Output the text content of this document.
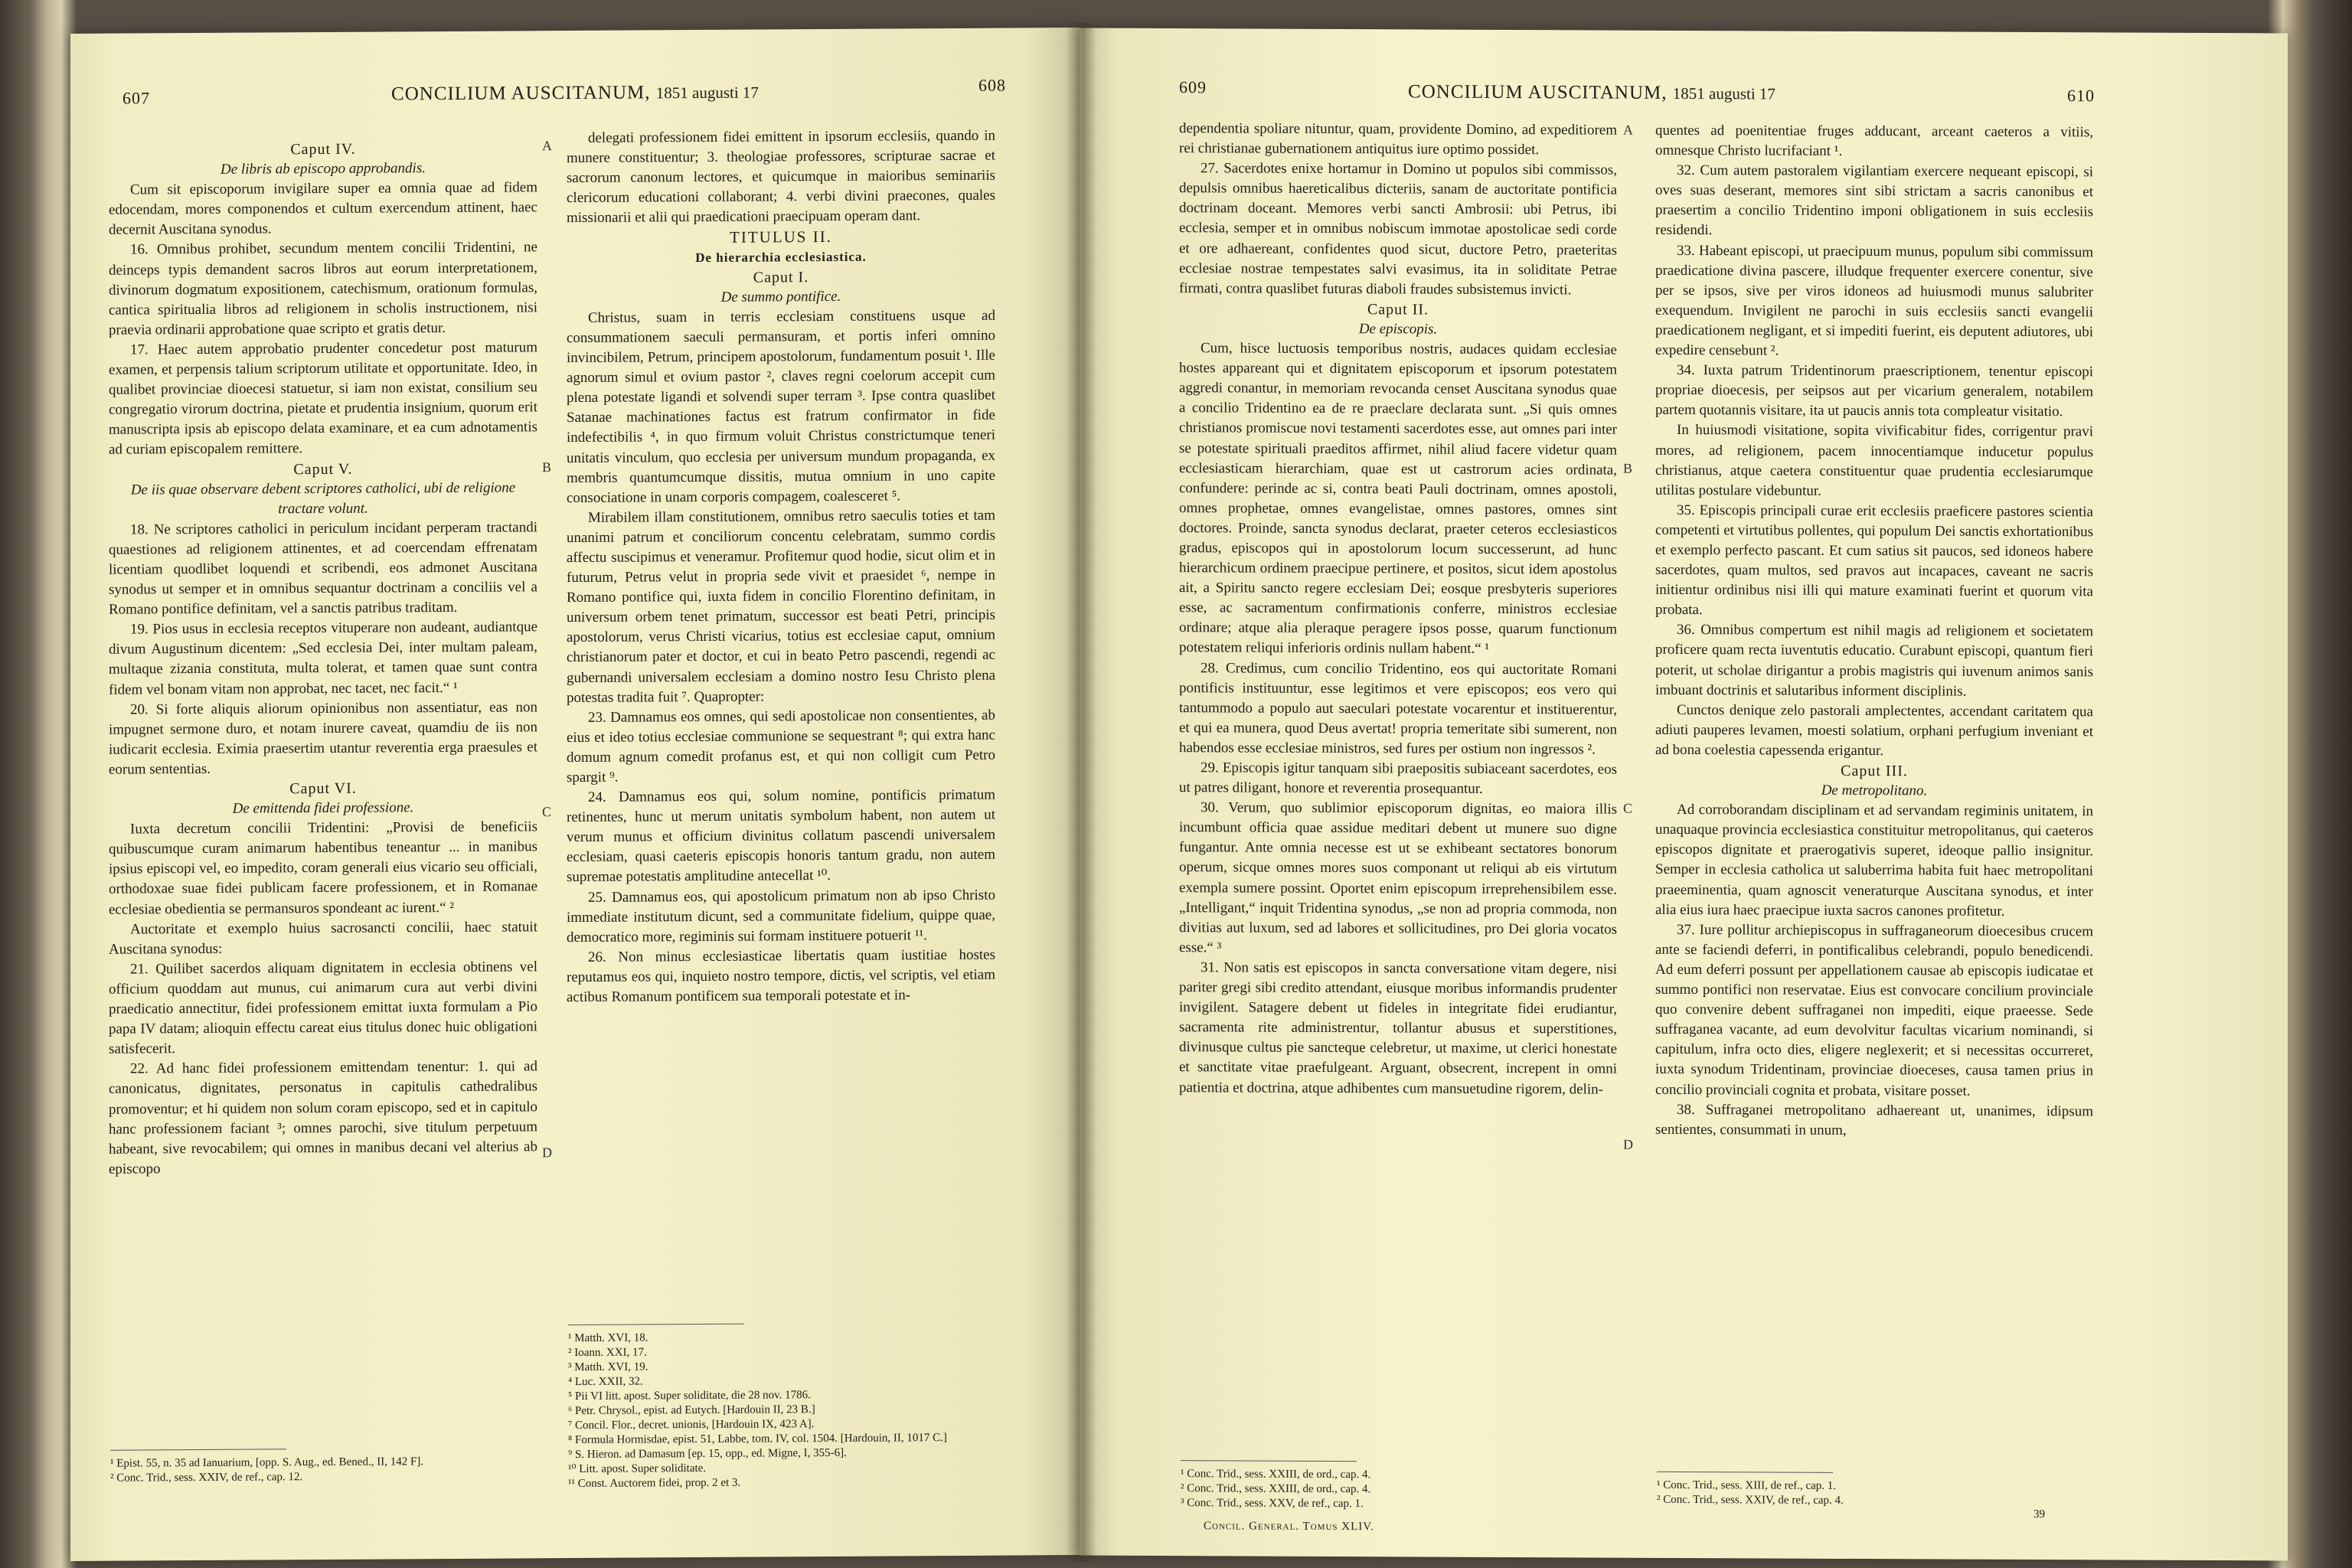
607	CONCILIUM AUSCITANUM, 1851 augusti 17	608

Caput IV.

De libris ab episcopo approbandis.

Cum sit episcoporum invigilare super ea omnia quae ad fidem edocendam, mores componendos et cultum exercendum attinent, haec decernit Auscitana synodus.

16. Omnibus prohibet, secundum mentem concilii Tridentini, ne deinceps typis demandent sacros libros aut eorum interpretationem, divinorum dogmatum expositionem, catechismum, orationum formulas, cantica spiritualia libros ad religionem in scholis instructionem, nisi praevia ordinarii approbatione quae scripto et gratis detur.

17. Haec autem approbatio prudenter concedetur post maturum examen, et perpensis talium scriptorum utilitate et opportunitate. Ideo, in qualibet provinciae dioecesi statuetur, si iam non existat, consilium seu congregatio virorum doctrina, pietate et prudentia insignium, quorum erit manuscripta ipsis ab episcopo delata examinare, et ea cum adnotamentis ad curiam episcopalem remittere.

Caput V.

De iis quae observare debent scriptores catholici, ubi de religione tractare volunt.

18. Ne scriptores catholici in periculum incidant perperam tractandi quaestiones ad religionem attinentes, et ad coercendam effrenatam licentiam quodlibet loquendi et scribendi, eos admonet Auscitana synodus ut semper et in omnibus sequantur doctrinam a conciliis vel a Romano pontifice definitam, vel a sanctis patribus traditam.

19. Pios usus in ecclesia receptos vituperare non audeant, audiantque divum Augustinum dicentem: „Sed ecclesia Dei, inter multam paleam, multaque zizania constituta, multa tolerat, et tamen quae sunt contra fidem vel bonam vitam non approbat, nec tacet, nec facit.“ ¹

20. Si forte aliquis aliorum opinionibus non assentiatur, eas non impugnet sermone duro, et notam inurere caveat, quamdiu de iis non iudicarit ecclesia. Eximia praesertim utantur reverentia erga praesules et eorum sententias.

Caput VI.

De emittenda fidei professione.

Iuxta decretum concilii Tridentini: „Provisi de beneficiis quibuscumque curam animarum habentibus teneantur ... in manibus ipsius episcopi vel, eo impedito, coram generali eius vicario seu officiali, orthodoxae suae fidei publicam facere professionem, et in Romanae ecclesiae obedientia se permansuros spondeant ac iurent.“ ²

Auctoritate et exemplo huius sacrosancti concilii, haec statuit Auscitana synodus:

21. Quilibet sacerdos aliquam dignitatem in ecclesia obtinens vel officium quoddam aut munus, cui animarum cura aut verbi divini praedicatio annectitur, fidei professionem emittat iuxta formulam a Pio papa IV datam; alioquin effectu careat eius titulus donec huic obligationi satisfecerit.

22. Ad hanc fidei professionem emittendam tenentur: 1. qui ad canonicatus, dignitates, personatus in capitulis cathedralibus promoventur; et hi quidem non solum coram episcopo, sed et in capitulo hanc professionem faciant ³; omnes parochi, sive titulum perpetuum habeant, sive revocabilem; qui omnes in manibus decani vel alterius ab episcopo

delegati professionem fidei emittent in ipsorum ecclesiis, quando in munere constituentur; 3. theologiae professores, scripturae sacrae et sacrorum canonum lectores, et quicumque in maioribus seminariis clericorum educationi collaborant; 4. verbi divini praecones, quales missionarii et alii qui praedicationi praecipuam operam dant.

TITULUS II.

De hierarchia ecclesiastica.

Caput I.

De summo pontifice.

Christus, suam in terris ecclesiam constituens usque ad consummationem saeculi permansuram, et portis inferi omnino invincibilem, Petrum, principem apostolorum, fundamentum posuit ¹. Ille agnorum simul et ovium pastor ², claves regni coelorum accepit cum plena potestate ligandi et solvendi super terram ³. Ipse contra quaslibet Satanae machinationes factus est fratrum confirmator in fide indefectibilis ⁴, in quo firmum voluit Christus constrictumque teneri unitatis vinculum, quo ecclesia per universum mundum propaganda, ex membris quantumcumque dissitis, mutua omnium in uno capite consociatione in unam corporis compagem, coalesceret ⁵.

Mirabilem illam constitutionem, omnibus retro saeculis toties et tam unanimi patrum et conciliorum concentu celebratam, summo cordis affectu suscipimus et veneramur. Profitemur quod hodie, sicut olim et in futurum, Petrus velut in propria sede vivit et praesidet ⁶, nempe in Romano pontifice qui, iuxta fidem in concilio Florentino definitam, in universum orbem tenet primatum, successor est beati Petri, principis apostolorum, verus Christi vicarius, totius est ecclesiae caput, omnium christianorum pater et doctor, et cui in beato Petro pascendi, regendi ac gubernandi universalem ecclesiam a domino nostro Iesu Christo plena potestas tradita fuit ⁷. Quapropter:

23. Damnamus eos omnes, qui sedi apostolicae non consentientes, ab eius et ideo totius ecclesiae communione se sequestrant ⁸; qui extra hanc domum agnum comedit profanus est, et qui non colligit cum Petro spargit ⁹.

24. Damnamus eos qui, solum nomine, pontificis primatum retinentes, hunc ut merum unitatis symbolum habent, non autem ut verum munus et officium divinitus collatum pascendi universalem ecclesiam, quasi caeteris episcopis honoris tantum gradu, non autem supremae potestatis amplitudine antecellat ¹⁰.

25. Damnamus eos, qui apostolicum primatum non ab ipso Christo immediate institutum dicunt, sed a communitate fidelium, quippe quae, democratico more, regiminis sui formam instituere potuerit ¹¹.

26. Non minus ecclesiasticae libertatis quam iustitiae hostes reputamus eos qui, inquieto nostro tempore, dictis, vel scriptis, vel etiam actibus Romanum pontificem sua temporali potestate et in-

A
B
C
D
¹ Epist. 55, n. 35 ad Ianuarium, [opp. S. Aug., ed. Bened., II, 142 F].
² Conc. Trid., sess. XXIV, de ref., cap. 12.
¹ Matth. XVI, 18.
² Ioann. XXI, 17.
³ Matth. XVI, 19.
⁴ Luc. XXII, 32.
⁵ Pii VI litt. apost. Super soliditate, die 28 nov. 1786.
⁶ Petr. Chrysol., epist. ad Eutych. [Hardouin II, 23 B.]
⁷ Concil. Flor., decret. unionis, [Hardouin IX, 423 A].
⁸ Formula Hormisdae, epist. 51, Labbe, tom. IV, col. 1504. [Hardouin, II, 1017 C.]
⁹ S. Hieron. ad Damasum [ep. 15, opp., ed. Migne, I, 355-6].
¹⁰ Litt. apost. Super soliditate.
¹¹ Const. Auctorem fidei, prop. 2 et 3.
609	CONCILIUM AUSCITANUM, 1851 augusti 17	610

dependentia spoliare nituntur, quam, providente Domino, ad expeditiorem rei christianae gubernationem antiquitus iure optimo possidet.

27. Sacerdotes enixe hortamur in Domino ut populos sibi commissos, depulsis omnibus haereticalibus dicteriis, sanam de auctoritate pontificia doctrinam doceant. Memores verbi sancti Ambrosii: ubi Petrus, ibi ecclesia, semper et in omnibus nobiscum immotae apostolicae sedi corde et ore adhaereant, confidentes quod sicut, ductore Petro, praeteritas ecclesiae nostrae tempestates salvi evasimus, ita in soliditate Petrae firmati, contra quaslibet futuras diaboli fraudes subsistemus invicti.

Caput II.

De episcopis.

Cum, hisce luctuosis temporibus nostris, audaces quidam ecclesiae hostes appareant qui et dignitatem episcoporum et ipsorum potestatem aggredi conantur, in memoriam revocanda censet Auscitana synodus quae a concilio Tridentino ea de re praeclare declarata sunt. „Si quis omnes christianos promiscue novi testamenti sacerdotes esse, aut omnes pari inter se potestate spirituali praeditos affirmet, nihil aliud facere videtur quam ecclesiasticam hierarchiam, quae est ut castrorum acies ordinata, confundere: perinde ac si, contra beati Pauli doctrinam, omnes apostoli, omnes prophetae, omnes evangelistae, omnes pastores, omnes sint doctores. Proinde, sancta synodus declarat, praeter ceteros ecclesiasticos gradus, episcopos qui in apostolorum locum successerunt, ad hunc hierarchicum ordinem praecipue pertinere, et positos, sicut idem apostolus ait, a Spiritu sancto regere ecclesiam Dei; eosque presbyteris superiores esse, ac sacramentum confirmationis conferre, ministros ecclesiae ordinare; atque alia pleraque peragere ipsos posse, quarum functionum potestatem reliqui inferioris ordinis nullam habent.“ ¹

28. Credimus, cum concilio Tridentino, eos qui auctoritate Romani pontificis instituuntur, esse legitimos et vere episcopos; eos vero qui tantummodo a populo aut saeculari potestate vocarentur et instituerentur, et qui ea munera, quod Deus avertat! propria temeritate sibi sumerent, non habendos esse ecclesiae ministros, sed fures per ostium non ingressos ².

29. Episcopis igitur tanquam sibi praepositis subiaceant sacerdotes, eos ut patres diligant, honore et reverentia prosequantur.

30. Verum, quo sublimior episcoporum dignitas, eo maiora illis incumbunt officia quae assidue meditari debent ut munere suo digne fungantur. Ante omnia necesse est ut se exhibeant sectatores bonorum operum, sicque omnes mores suos componant ut reliqui ab eis virtutum exempla sumere possint. Oportet enim episcopum irreprehensibilem esse. „Intelligant,“ inquit Tridentina synodus, „se non ad propria commoda, non divitias aut luxum, sed ad labores et sollicitudines, pro Dei gloria vocatos esse.“ ³

31. Non satis est episcopos in sancta conversatione vitam degere, nisi pariter gregi sibi credito attendant, eiusque moribus informandis prudenter invigilent. Satagere debent ut fideles in integritate fidei erudiantur, sacramenta rite administrentur, tollantur abusus et superstitiones, divinusque cultus pie sancteque celebretur, ut maxime, ut clerici honestate et sanctitate vitae praefulgeant. Arguant, obsecrent, increpent in omni patientia et doctrina, atque adhibentes cum mansuetudine rigorem, delin-

quentes ad poenitentiae fruges adducant, arceant caeteros a vitiis, omnesque Christo lucrifaciant ¹.

32. Cum autem pastoralem vigilantiam exercere nequeant episcopi, si oves suas deserant, memores sint sibi strictam a sacris canonibus et praesertim a concilio Tridentino imponi obligationem in suis ecclesiis residendi.

33. Habeant episcopi, ut praecipuum munus, populum sibi commissum praedicatione divina pascere, illudque frequenter exercere conentur, sive per se ipsos, sive per viros idoneos ad huiusmodi munus salubriter exequendum. Invigilent ne parochi in suis ecclesiis sancti evangelii praedicationem negligant, et si impediti fuerint, eis deputent adiutores, ubi expedire censebunt ².

34. Iuxta patrum Tridentinorum praescriptionem, tenentur episcopi propriae dioecesis, per seipsos aut per vicarium generalem, notabilem partem quotannis visitare, ita ut paucis annis tota compleatur visitatio.

In huiusmodi visitatione, sopita vivificabitur fides, corrigentur pravi mores, ad religionem, pacem innocentiamque inducetur populus christianus, atque caetera constituentur quae prudentia ecclesiarumque utilitas postulare videbuntur.

35. Episcopis principali curae erit ecclesiis praeficere pastores scientia competenti et virtutibus pollentes, qui populum Dei sanctis exhortationibus et exemplo perfecto pascant. Et cum satius sit paucos, sed idoneos habere sacerdotes, quam multos, sed pravos aut incapaces, caveant ne sacris initientur ordinibus nisi illi qui mature examinati fuerint et quorum vita probata.

36. Omnibus compertum est nihil magis ad religionem et societatem proficere quam recta iuventutis educatio. Curabunt episcopi, quantum fieri poterit, ut scholae dirigantur a probis magistris qui iuvenum animos sanis imbuant doctrinis et salutaribus informent disciplinis.

Cunctos denique zelo pastorali amplectentes, accendant caritatem qua adiuti pauperes levamen, moesti solatium, orphani perfugium inveniant et ad bona coelestia capessenda erigantur.

Caput III.

De metropolitano.

Ad corroborandam disciplinam et ad servandam regiminis unitatem, in unaquaque provincia ecclesiastica constituitur metropolitanus, qui caeteros episcopos dignitate et praerogativis superet, ideoque pallio insignitur. Semper in ecclesia catholica ut saluberrima habita fuit haec metropolitani praeeminentia, quam agnoscit veneraturque Auscitana synodus, et inter alia eius iura haec praecipue iuxta sacros canones profitetur.

37. Iure pollitur archiepiscopus in suffraganeorum dioecesibus crucem ante se faciendi deferri, in pontificalibus celebrandi, populo benedicendi. Ad eum deferri possunt per appellationem causae ab episcopis iudicatae et summo pontifici non reservatae. Eius est convocare concilium provinciale quo convenire debent suffraganei non impediti, eique praeesse. Sede suffraganea vacante, ad eum devolvitur facultas vicarium nominandi, si capitulum, infra octo dies, eligere neglexerit; et si necessitas occurreret, iuxta synodum Tridentinam, provinciae dioeceses, causa tamen prius in concilio provinciali cognita et probata, visitare posset.

38. Suffraganei metropolitano adhaereant ut, unanimes, idipsum sentientes, consummati in unum,

A
B
C
D
¹ Conc. Trid., sess. XXIII, de ord., cap. 4.
² Conc. Trid., sess. XXIII, de ord., cap. 4.
³ Conc. Trid., sess. XXV, de ref., cap. 1.
¹ Conc. Trid., sess. XIII, de ref., cap. 1.
² Conc. Trid., sess. XXIV, de ref., cap. 4.
Concil. General. Tomus XLIV.
39
